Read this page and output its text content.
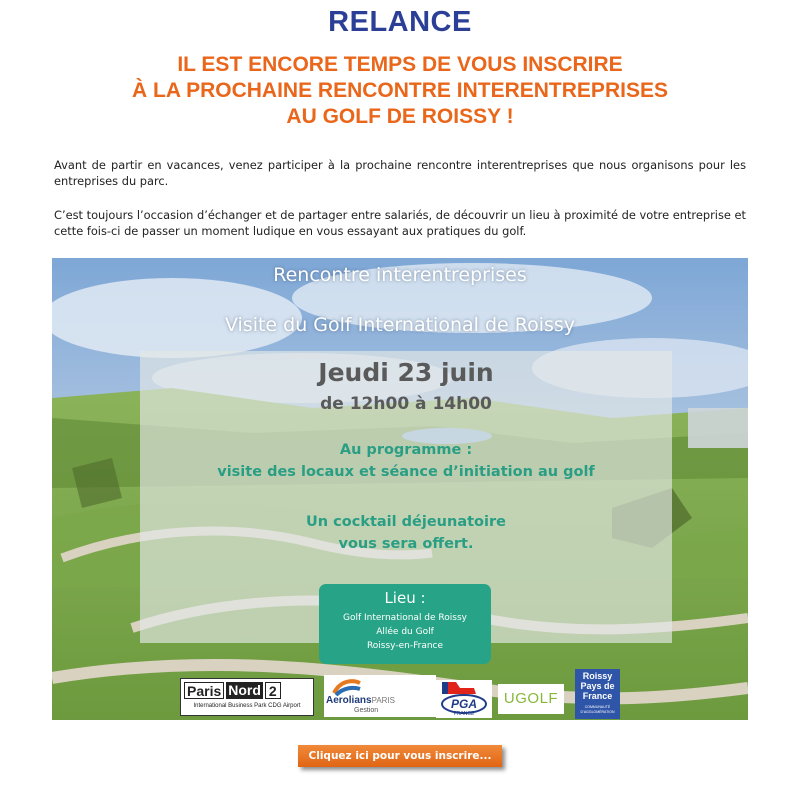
RELANCE
IL EST ENCORE TEMPS DE VOUS INSCRIRE
À LA PROCHAINE RENCONTRE INTERENTREPRISES
AU GOLF DE ROISSY !
Avant de partir en vacances, venez participer à la prochaine rencontre interentreprises que nous organisons pour les entreprises du parc.
C’est toujours l’occasion d’échanger et de partager entre salariés, de découvrir un lieu à proximité de votre entreprise et cette fois-ci de passer un moment ludique en vous essayant aux pratiques du golf.
Rencontre interentreprises
Visite du Golf International de Roissy
Jeudi 23 juin
de 12h00 à 14h00
Au programme :
visite des locaux et séance d’initiation au golf
Un cocktail déjeunatoire
vous sera offert.
Lieu :
Golf International de Roissy
Allée du Golf
Roissy-en-France
Paris Nord 2
International Business Park CDG Airport	AeroliansPARIS
Gestion	PGA
FRANCE
UGOLF
Roissy
Pays de
France
COMMUNAUTÉ D’AGGLOMÉRATION
Cliquez ici pour vous inscrire...
